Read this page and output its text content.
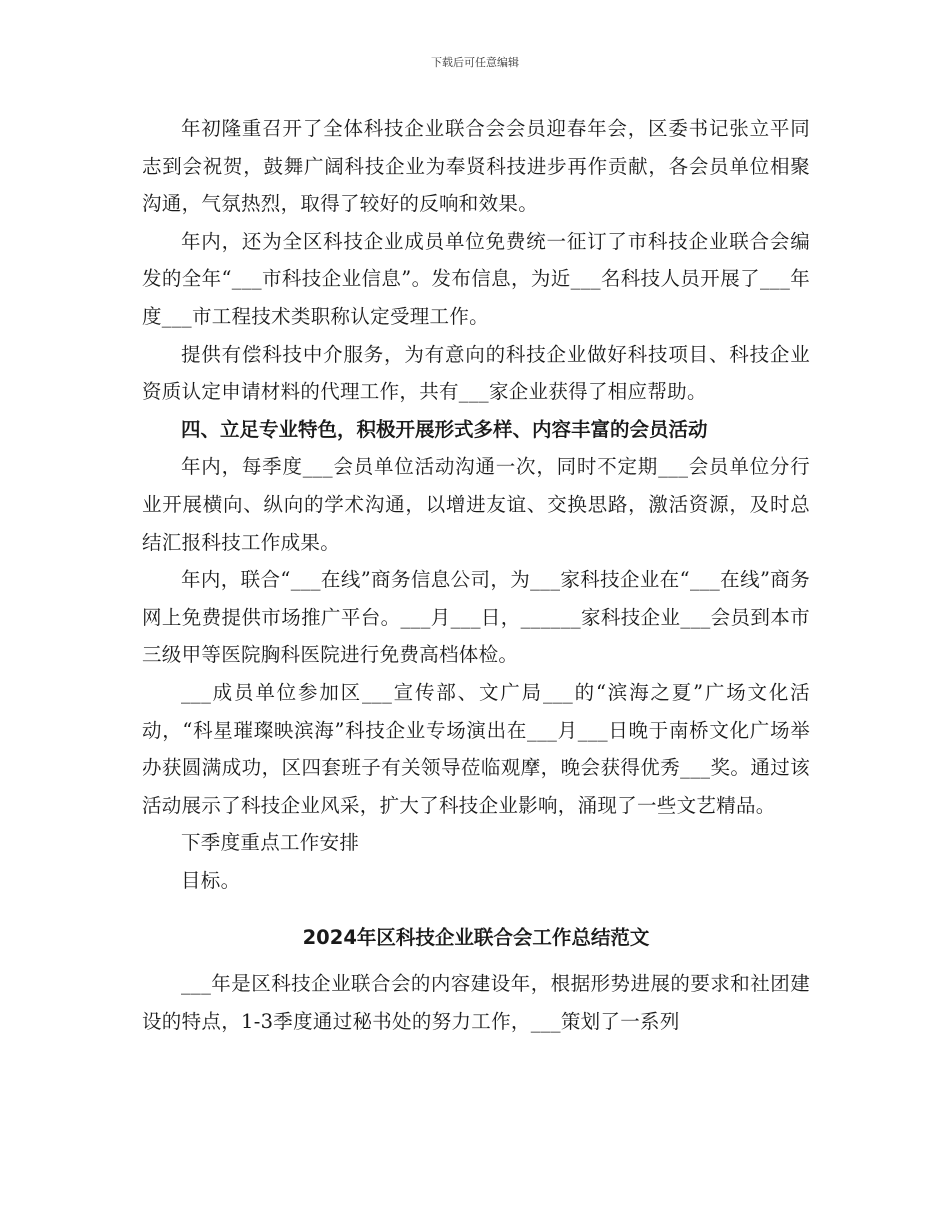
下载后可任意编辑

年初隆重召开了全体科技企业联合会会员迎春年会，区委书记张立平同志到会祝贺，鼓舞广阔科技企业为奉贤科技进步再作贡献，各会员单位相聚沟通，气氛热烈，取得了较好的反响和效果。

年内，还为全区科技企业成员单位免费统一征订了市科技企业联合会编发的全年“___市科技企业信息”。发布信息，为近___名科技人员开展了___年度___市工程技术类职称认定受理工作。

提供有偿科技中介服务，为有意向的科技企业做好科技项目、科技企业资质认定申请材料的代理工作，共有___家企业获得了相应帮助。

四、立足专业特色，积极开展形式多样、内容丰富的会员活动

年内，每季度___会员单位活动沟通一次，同时不定期___会员单位分行业开展横向、纵向的学术沟通，以增进友谊、交换思路，激活资源，及时总结汇报科技工作成果。

年内，联合“___在线”商务信息公司，为___家科技企业在“___在线”商务网上免费提供市场推广平台。___月___日，______家科技企业___会员到本市三级甲等医院胸科医院进行免费高档体检。

___成员单位参加区___宣传部、文广局___的“滨海之夏”广场文化活动，“科星璀璨映滨海”科技企业专场演出在___月___日晚于南桥文化广场举办获圆满成功，区四套班子有关领导莅临观摩，晚会获得优秀___奖。通过该活动展示了科技企业风采，扩大了科技企业影响，涌现了一些文艺精品。

下季度重点工作安排

目标。

2024年区科技企业联合会工作总结范文

___年是区科技企业联合会的内容建设年，根据形势进展的要求和社团建设的特点，1-3季度通过秘书处的努力工作，___策划了一系列
